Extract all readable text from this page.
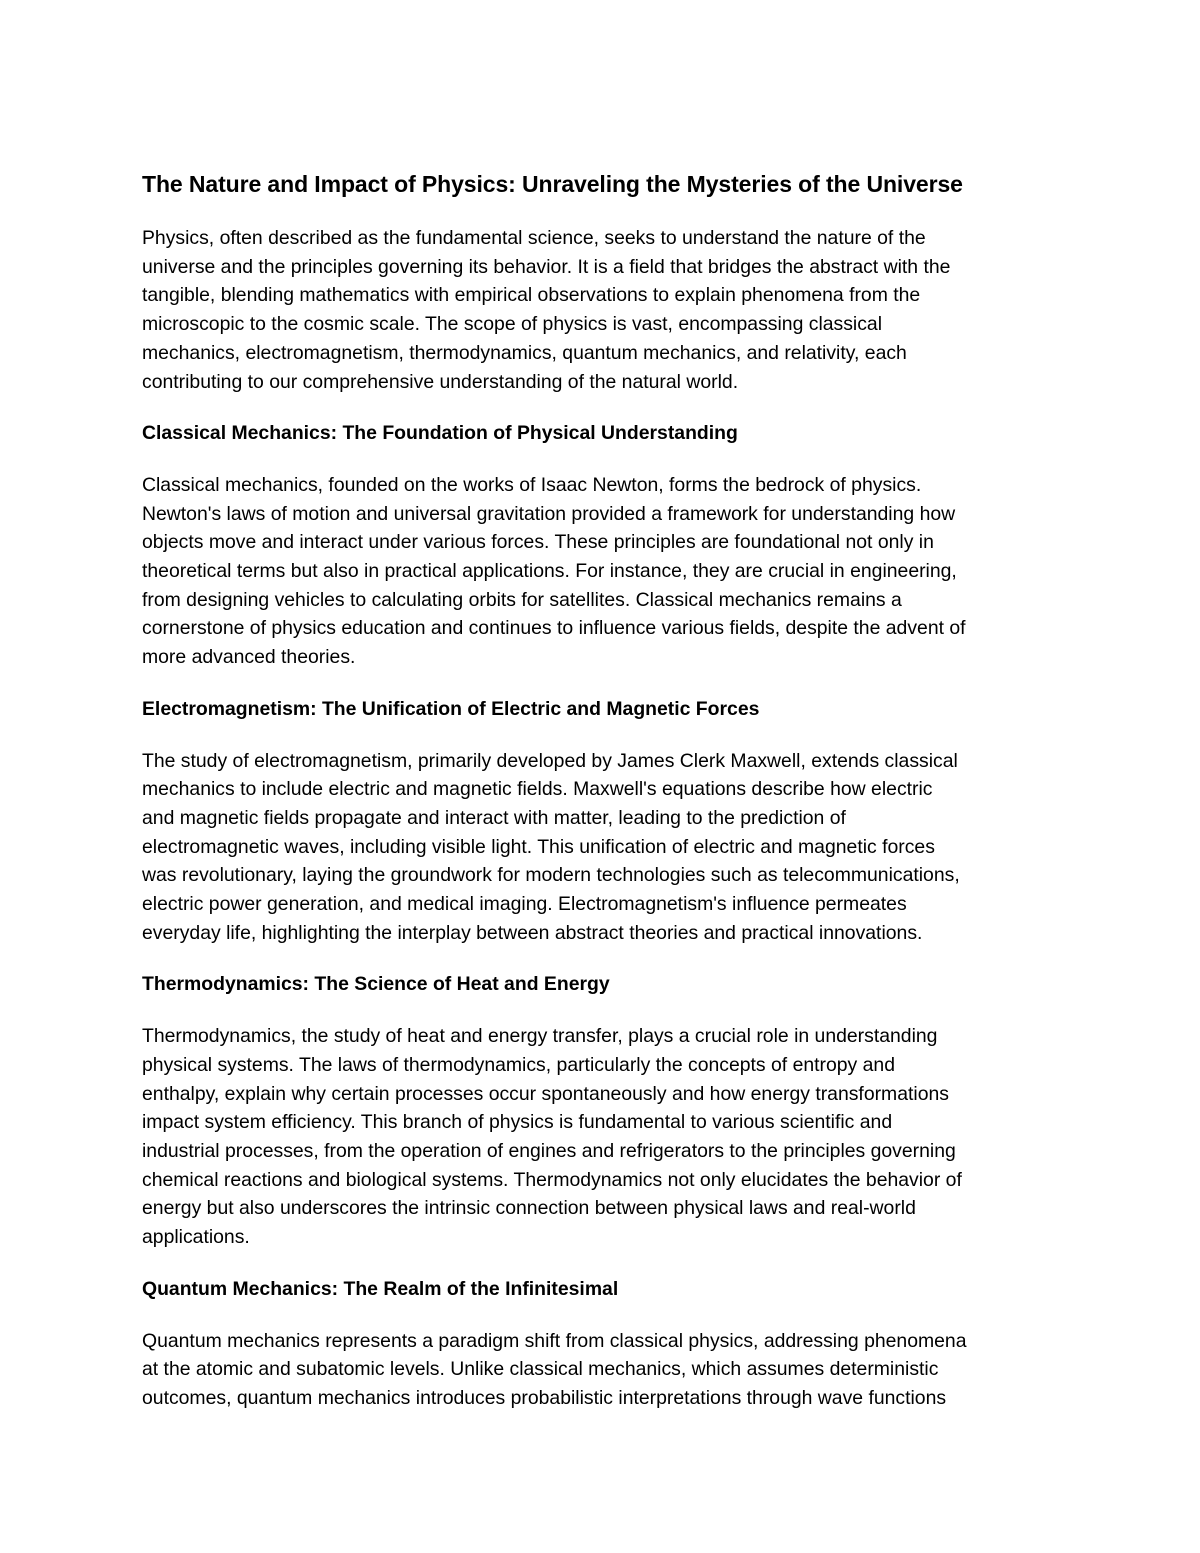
The Nature and Impact of Physics: Unraveling the Mysteries of the Universe

Physics, often described as the fundamental science, seeks to understand the nature of the
universe and the principles governing its behavior. It is a field that bridges the abstract with the
tangible, blending mathematics with empirical observations to explain phenomena from the
microscopic to the cosmic scale. The scope of physics is vast, encompassing classical
mechanics, electromagnetism, thermodynamics, quantum mechanics, and relativity, each
contributing to our comprehensive understanding of the natural world.

Classical Mechanics: The Foundation of Physical Understanding

Classical mechanics, founded on the works of Isaac Newton, forms the bedrock of physics.
Newton's laws of motion and universal gravitation provided a framework for understanding how
objects move and interact under various forces. These principles are foundational not only in
theoretical terms but also in practical applications. For instance, they are crucial in engineering,
from designing vehicles to calculating orbits for satellites. Classical mechanics remains a
cornerstone of physics education and continues to influence various fields, despite the advent of
more advanced theories.

Electromagnetism: The Unification of Electric and Magnetic Forces

The study of electromagnetism, primarily developed by James Clerk Maxwell, extends classical
mechanics to include electric and magnetic fields. Maxwell's equations describe how electric
and magnetic fields propagate and interact with matter, leading to the prediction of
electromagnetic waves, including visible light. This unification of electric and magnetic forces
was revolutionary, laying the groundwork for modern technologies such as telecommunications,
electric power generation, and medical imaging. Electromagnetism's influence permeates
everyday life, highlighting the interplay between abstract theories and practical innovations.

Thermodynamics: The Science of Heat and Energy

Thermodynamics, the study of heat and energy transfer, plays a crucial role in understanding
physical systems. The laws of thermodynamics, particularly the concepts of entropy and
enthalpy, explain why certain processes occur spontaneously and how energy transformations
impact system efficiency. This branch of physics is fundamental to various scientific and
industrial processes, from the operation of engines and refrigerators to the principles governing
chemical reactions and biological systems. Thermodynamics not only elucidates the behavior of
energy but also underscores the intrinsic connection between physical laws and real-world
applications.

Quantum Mechanics: The Realm of the Infinitesimal

Quantum mechanics represents a paradigm shift from classical physics, addressing phenomena
at the atomic and subatomic levels. Unlike classical mechanics, which assumes deterministic
outcomes, quantum mechanics introduces probabilistic interpretations through wave functions
